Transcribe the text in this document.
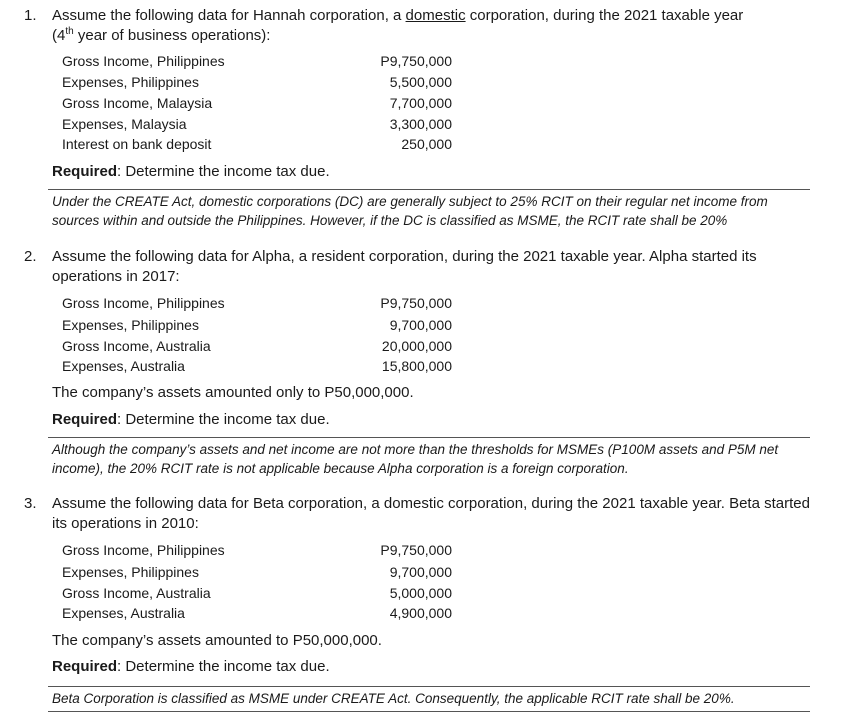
1. Assume the following data for Hannah corporation, a domestic corporation, during the 2021 taxable year
(4th year of business operations):
Gross Income, Philippines	P9,750,000
Expenses, Philippines	5,500,000
Gross Income, Malaysia	7,700,000
Expenses, Malaysia	3,300,000
Interest on bank deposit	250,000
Required: Determine the income tax due.
Under the CREATE Act, domestic corporations (DC) are generally subject to 25% RCIT on their regular net income from sources within and outside the Philippines. However, if the DC is classified as MSME, the RCIT rate shall be 20%
2. Assume the following data for Alpha, a resident corporation, during the 2021 taxable year. Alpha started its operations in 2017:
Gross Income, Philippines	P9,750,000
Expenses, Philippines	9,700,000
Gross Income, Australia	20,000,000
Expenses, Australia	15,800,000
The company’s assets amounted only to P50,000,000.
Required: Determine the income tax due.
Although the company’s assets and net income are not more than the thresholds for MSMEs (P100M assets and P5M net income), the 20% RCIT rate is not applicable because Alpha corporation is a foreign corporation.
3. Assume the following data for Beta corporation, a domestic corporation, during the 2021 taxable year. Beta started its operations in 2010:
Gross Income, Philippines	P9,750,000
Expenses, Philippines	9,700,000
Gross Income, Australia	5,000,000
Expenses, Australia	4,900,000
The company’s assets amounted to P50,000,000.
Required: Determine the income tax due.
Beta Corporation is classified as MSME under CREATE Act. Consequently, the applicable RCIT rate shall be 20%.
